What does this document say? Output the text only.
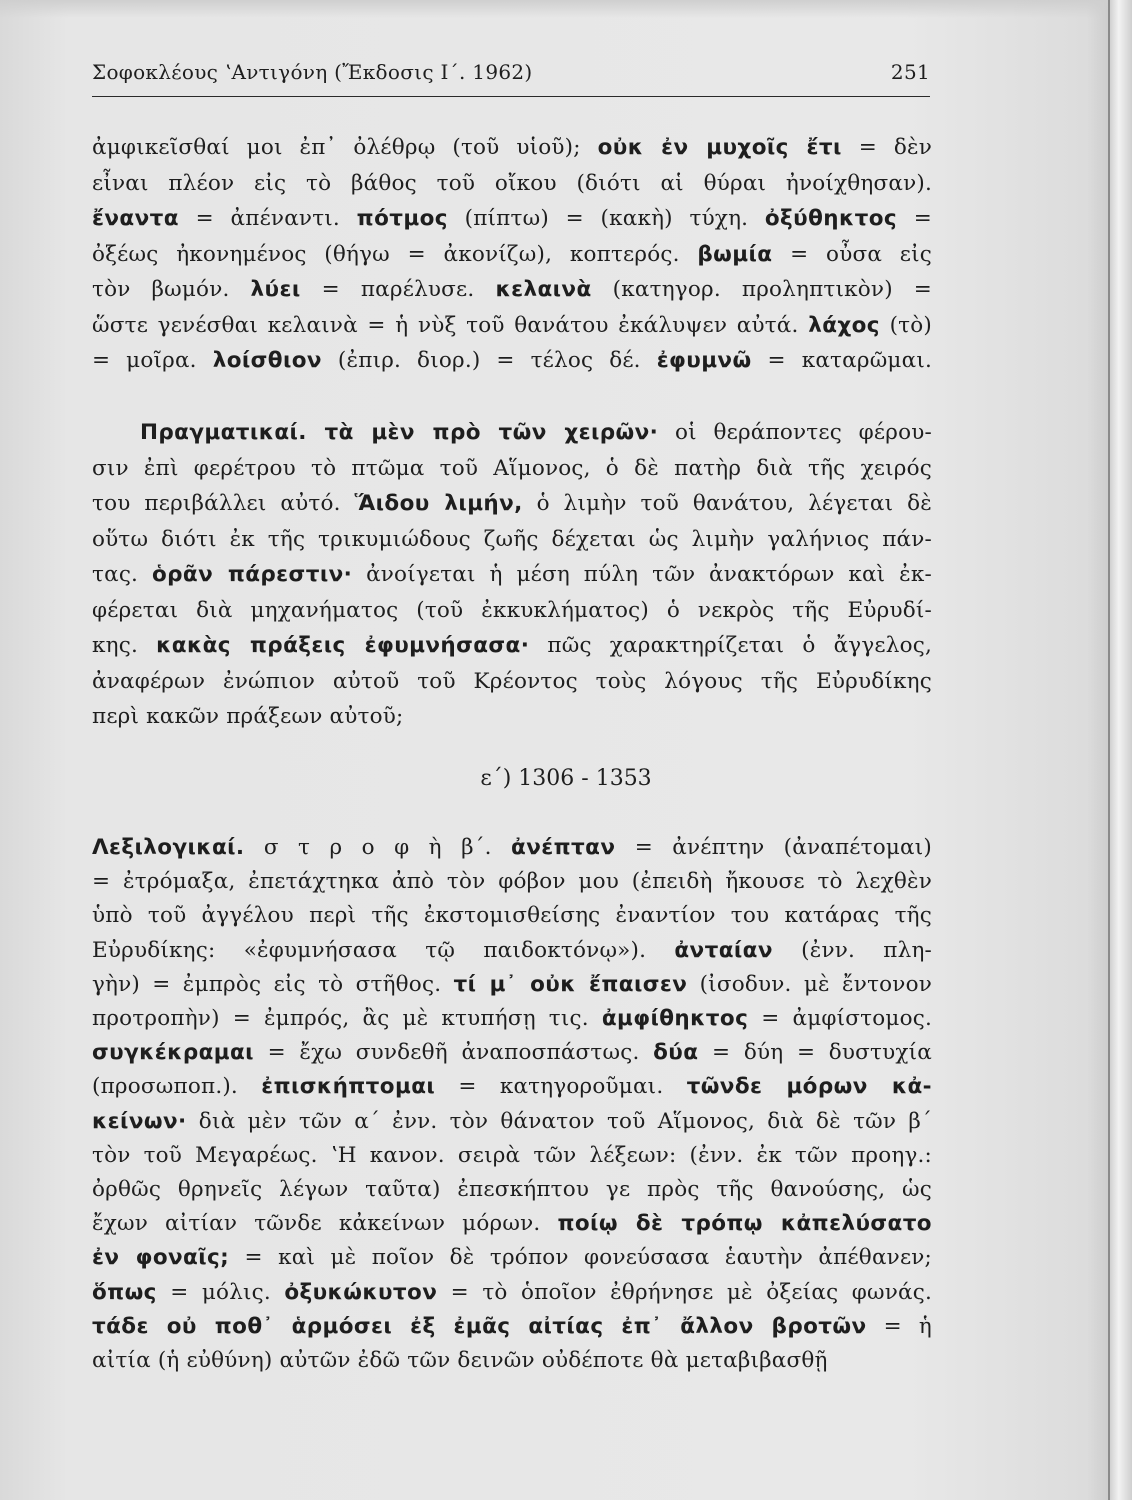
Σοφοκλέους ʽΑντιγόνη (Ἔκδοσις Ι΄. 1962)	251
ἀμφικεῖσθαί μοι ἐπ᾿ ὀλέθρῳ (τοῦ υἱοῦ); οὐκ ἐν μυχοῖς ἔτι = δὲν
εἶναι πλέον εἰς τὸ βάθος τοῦ οἴκου (διότι αἱ θύραι ἠνοίχθησαν).
ἔναντα = ἀπέναντι. πότμος (πίπτω) = (κακὴ) τύχη. ὀξύθηκτος =
ὀξέως ἠκονημένος (θήγω = ἀκονίζω), κοπτερός. βωμία = οὖσα εἰς
τὸν βωμόν. λύει = παρέλυσε. κελαινὰ (κατηγορ. προληπτικὸν) =
ὥστε γενέσθαι κελαινὰ = ἡ νὺξ τοῦ θανάτου ἐκάλυψεν αὐτά. λάχος (τὸ)
= μοῖρα. λοίσθιον (ἐπιρ. διορ.) = τέλος δέ. ἐφυμνῶ = καταρῶμαι.
Πραγματικαί. τὰ μὲν πρὸ τῶν χειρῶν· οἱ θεράποντες φέρου-
σιν ἐπὶ φερέτρου τὸ πτῶμα τοῦ Αἵμονος, ὁ δὲ πατὴρ διὰ τῆς χειρός
του περιβάλλει αὐτό. Ἅιδου λιμήν, ὁ λιμὴν τοῦ θανάτου, λέγεται δὲ
οὕτω διότι ἐκ τῆς τρικυμιώδους ζωῆς δέχεται ὡς λιμὴν γαλήνιος πάν-
τας. ὁρᾶν πάρεστιν· ἀνοίγεται ἡ μέση πύλη τῶν ἀνακτόρων καὶ ἐκ-
φέρεται διὰ μηχανήματος (τοῦ ἐκκυκλήματος) ὁ νεκρὸς τῆς Εὐρυδί-
κης. κακὰς πράξεις ἐφυμνήσασα· πῶς χαρακτηρίζεται ὁ ἄγγελος,
ἀναφέρων ἐνώπιον αὐτοῦ τοῦ Κρέοντος τοὺς λόγους τῆς Εὐρυδίκης
περὶ κακῶν πράξεων αὐτοῦ;
ε΄) 1306 - 1353
Λεξιλογικαί. σ τ ρ ο φ ὴ β΄. ἀνέπταν = ἀνέπτην (ἀναπέτομαι)
= ἐτρόμαξα, ἐπετάχτηκα ἀπὸ τὸν φόβον μου (ἐπειδὴ ἤκουσε τὸ λεχθὲν
ὑπὸ τοῦ ἀγγέλου περὶ τῆς ἐκστομισθείσης ἐναντίον του κατάρας τῆς
Εὐρυδίκης: «ἐφυμνήσασα τῷ παιδοκτόνῳ»). ἀνταίαν (ἐνν. πλη-
γὴν) = ἐμπρὸς εἰς τὸ στῆθος. τί μ᾿ οὐκ ἔπαισεν (ἰσοδυν. μὲ ἔντονον
προτροπὴν) = ἐμπρός, ἂς μὲ κτυπήσῃ τις. ἀμφίθηκτος = ἀμφίστομος.
συγκέκραμαι = ἔχω συνδεθῆ ἀναποσπάστως. δύα = δύη = δυστυχία
(προσωποπ.). ἐπισκήπτομαι = κατηγοροῦμαι. τῶνδε μόρων κἀ-
κείνων· διὰ μὲν τῶν α΄ ἐνν. τὸν θάνατον τοῦ Αἵμονος, διὰ δὲ τῶν β΄
τὸν τοῦ Μεγαρέως. ʽΗ κανον. σειρὰ τῶν λέξεων: (ἐνν. ἐκ τῶν προηγ.:
ὀρθῶς θρηνεῖς λέγων ταῦτα) ἐπεσκήπτου γε πρὸς τῆς θανούσης, ὡς
ἔχων αἰτίαν τῶνδε κἀκείνων μόρων. ποίῳ δὲ τρόπῳ κἀπελύσατο
ἐν φοναῖς; = καὶ μὲ ποῖον δὲ τρόπον φονεύσασα ἑαυτὴν ἀπέθανεν;
ὅπως = μόλις. ὀξυκώκυτον = τὸ ὁποῖον ἐθρήνησε μὲ ὀξείας φωνάς.
τάδε οὐ ποθ᾿ ἁρμόσει ἐξ ἐμᾶς αἰτίας ἐπ᾿ ἄλλον βροτῶν = ἡ
αἰτία (ἡ εὐθύνη) αὐτῶν ἐδῶ τῶν δεινῶν οὐδέποτε θὰ μεταβιβασθῇ
